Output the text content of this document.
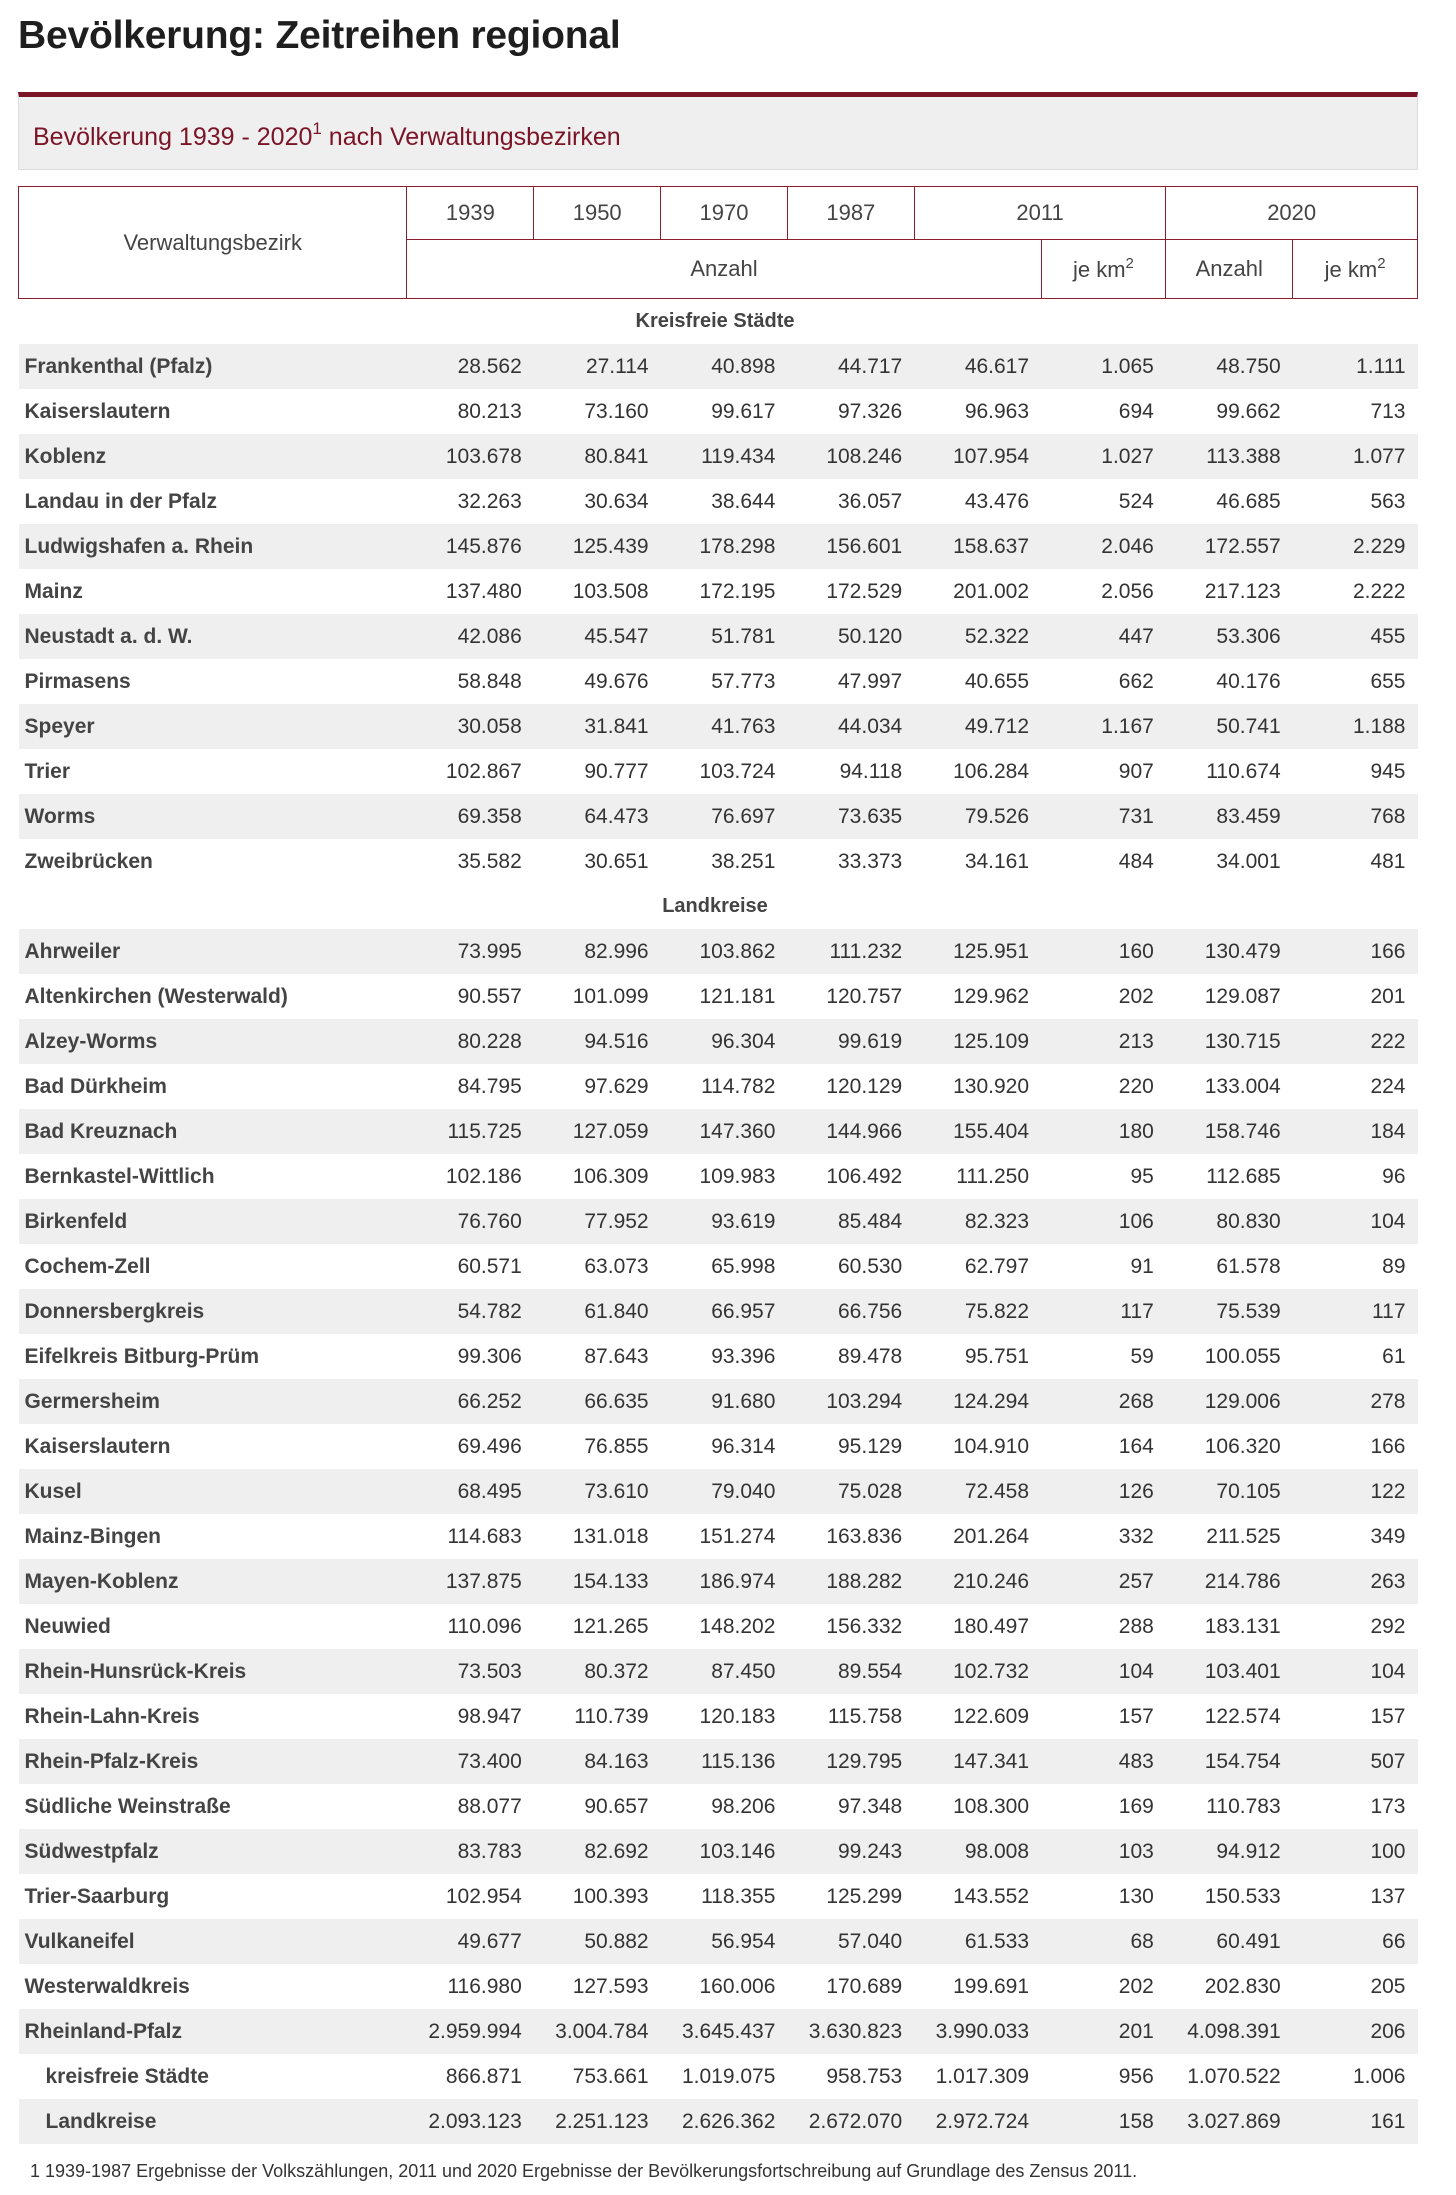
Bevölkerung: Zeitreihen regional
Bevölkerung 1939 - 2020$^1$ nach Verwaltungsbezirken
Verwaltungsbezirk	1939	1950	1970	1987	2011		2020	
	Anzahl					je $km^2$	Anzahl	je $km^2$
Kreisfreie Städte								
Frankenthal (Pfalz)	28.562	27.114	40.898	44.717	46.617	1.065	48.750	1.111
Kaiserslautern	80.213	73.160	99.617	97.326	96.963	694	99.662	713
Koblenz	103.678	80.841	119.434	108.246	107.954	1.027	113.388	1.077
Landau in der Pfalz	32.263	30.634	38.644	36.057	43.476	524	46.685	563
Ludwigshafen a. Rhein	145.876	125.439	178.298	156.601	158.637	2.046	172.557	2.229
Mainz	137.480	103.508	172.195	172.529	201.002	2.056	217.123	2.222
Neustadt a. d. W.	42.086	45.547	51.781	50.120	52.322	447	53.306	455
Pirmasens	58.848	49.676	57.773	47.997	40.655	662	40.176	655
Speyer	30.058	31.841	41.763	44.034	49.712	1.167	50.741	1.188
Trier	102.867	90.777	103.724	94.118	106.284	907	110.674	945
Worms	69.358	64.473	76.697	73.635	79.526	731	83.459	768
Zweibrücken	35.582	30.651	38.251	33.373	34.161	484	34.001	481
Landkreise								
Ahrweiler	73.995	82.996	103.862	111.232	125.951	160	130.479	166
Altenkirchen (Westerwald)	90.557	101.099	121.181	120.757	129.962	202	129.087	201
Alzey-Worms	80.228	94.516	96.304	99.619	125.109	213	130.715	222
Bad Dürkheim	84.795	97.629	114.782	120.129	130.920	220	133.004	224
Bad Kreuznach	115.725	127.059	147.360	144.966	155.404	180	158.746	184
Bernkastel-Wittlich	102.186	106.309	109.983	106.492	111.250	95	112.685	96
Birkenfeld	76.760	77.952	93.619	85.484	82.323	106	80.830	104
Cochem-Zell	60.571	63.073	65.998	60.530	62.797	91	61.578	89
Donnersbergkreis	54.782	61.840	66.957	66.756	75.822	117	75.539	117
Eifelkreis Bitburg-Prüm	99.306	87.643	93.396	89.478	95.751	59	100.055	61
Germersheim	66.252	66.635	91.680	103.294	124.294	268	129.006	278
Kaiserslautern	69.496	76.855	96.314	95.129	104.910	164	106.320	166
Kusel	68.495	73.610	79.040	75.028	72.458	126	70.105	122
Mainz-Bingen	114.683	131.018	151.274	163.836	201.264	332	211.525	349
Mayen-Koblenz	137.875	154.133	186.974	188.282	210.246	257	214.786	263
Neuwied	110.096	121.265	148.202	156.332	180.497	288	183.131	292
Rhein-Hunsrück-Kreis	73.503	80.372	87.450	89.554	102.732	104	103.401	104
Rhein-Lahn-Kreis	98.947	110.739	120.183	115.758	122.609	157	122.574	157
Rhein-Pfalz-Kreis	73.400	84.163	115.136	129.795	147.341	483	154.754	507
Südliche Weinstraße	88.077	90.657	98.206	97.348	108.300	169	110.783	173
Südwestpfalz	83.783	82.692	103.146	99.243	98.008	103	94.912	100
Trier-Saarburg	102.954	100.393	118.355	125.299	143.552	130	150.533	137
Vulkaneifel	49.677	50.882	56.954	57.040	61.533	68	60.491	66
Westerwaldkreis	116.980	127.593	160.006	170.689	199.691	202	202.830	205
Rheinland-Pfalz	2.959.994	3.004.784	3.645.437	3.630.823	3.990.033	201	4.098.391	206
kreisfreie Städte	866.871	753.661	1.019.075	958.753	1.017.309	956	1.070.522	1.006
Landkreise	2.093.123	2.251.123	2.626.362	2.672.070	2.972.724	158	3.027.869	161
1 1939-1987 Ergebnisse der Volkszählungen, 2011 und 2020 Ergebnisse der Bevölkerungsfortschreibung auf Grundlage des Zensus 2011.
